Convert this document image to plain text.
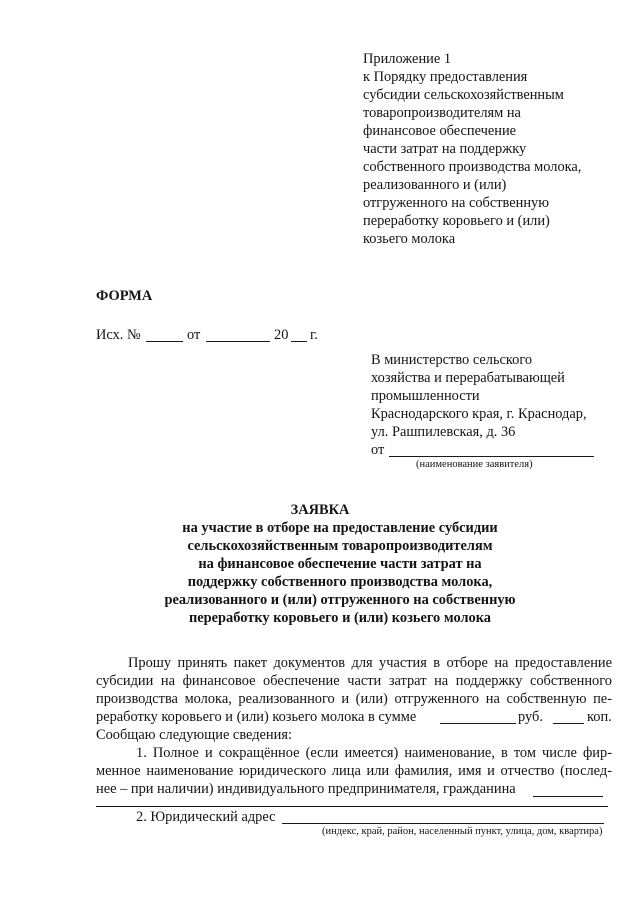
Приложение 1
к Порядку предоставления
субсидии сельскохозяйственным
товаропроизводителям на
финансовое обеспечение
части затрат на поддержку
собственного производства молока,
реализованного и (или)
отгруженного на собственную
переработку коровьего и (или)
козьего молока
ФОРМА
Исх. №	от	20 г.
В министерство сельского
хозяйства и перерабатывающей
промышленности
Краснодарского края, г. Краснодар,
ул. Рашпилевская, д. 36
от
(наименование заявителя)
ЗАЯВКА
на участие в отборе на предоставление субсидии
сельскохозяйственным товаропроизводителям
на финансовое обеспечение части затрат на
поддержку собственного производства молока,
реализованного и (или) отгруженного на собственную
переработку коровьего и (или) козьего молока
Прошу принять пакет документов для участия в отборе на предоставление
субсидии на финансовое обеспечение части затрат на поддержку собственного
производства молока, реализованного и (или) отгруженного на собственную пе-
реработку коровьего и (или) козьего молока в сумме	руб.	коп.
Сообщаю следующие сведения:
1. Полное и сокращённое (если имеется) наименование, в том числе фир-
менное наименование юридического лица или фамилия, имя и отчество (послед-
нее – при наличии) индивидуального предпринимателя, гражданина
2. Юридический адрес
(индекс, край, район, населенный пункт, улица, дом, квартира)
